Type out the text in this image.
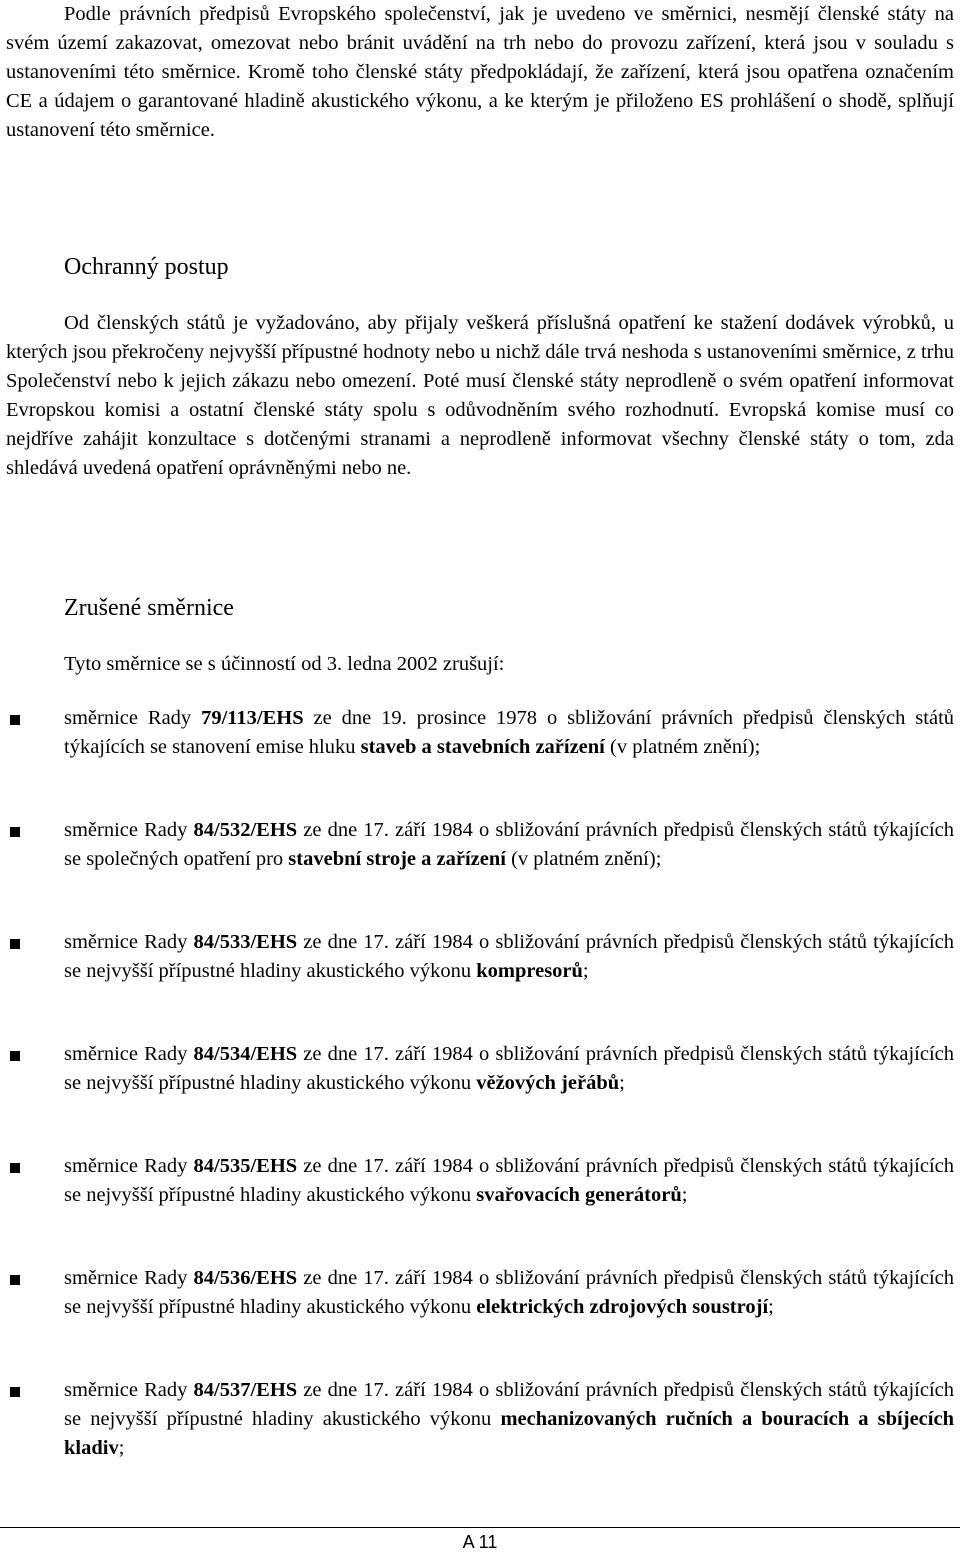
Podle právních předpisů Evropského společenství, jak je uvedeno ve směrnici, nesmějí členské státy na svém území zakazovat, omezovat nebo bránit uvádění na trh nebo do provozu zařízení, která jsou v souladu s ustanoveními této směrnice. Kromě toho členské státy předpokládají, že zařízení, která jsou opatřena označením CE a údajem o garantované hladině akustického výkonu, a ke kterým je přiloženo ES prohlášení o shodě, splňují ustanovení této směrnice.

Ochranný postup

Od členských států je vyžadováno, aby přijaly veškerá příslušná opatření ke stažení dodávek výrobků, u kterých jsou překročeny nejvyšší přípustné hodnoty nebo u nichž dále trvá neshoda s ustanoveními směrnice, z trhu Společenství nebo k jejich zákazu nebo omezení. Poté musí členské státy neprodleně o svém opatření informovat Evropskou komisi a ostatní členské státy spolu s odůvodněním svého rozhodnutí. Evropská komise musí co nejdříve zahájit konzultace s dotčenými stranami a neprodleně informovat všechny členské státy o tom, zda shledává uvedená opatření oprávněnými nebo ne.

Zrušené směrnice

Tyto směrnice se s účinností od 3. ledna 2002 zrušují:

směrnice Rady 79/113/EHS ze dne 19. prosince 1978 o sbližování právních předpisů členských států týkajících se stanovení emise hluku staveb a stavebních zařízení (v platném znění);

směrnice Rady 84/532/EHS ze dne 17. září 1984 o sbližování právních předpisů členských států týkajících se společných opatření pro stavební stroje a zařízení (v platném znění);

směrnice Rady 84/533/EHS ze dne 17. září 1984 o sbližování právních předpisů členských států týkajících se nejvyšší přípustné hladiny akustického výkonu kompresorů;

směrnice Rady 84/534/EHS ze dne 17. září 1984 o sbližování právních předpisů členských států týkajících se nejvyšší přípustné hladiny akustického výkonu věžových jeřábů;

směrnice Rady 84/535/EHS ze dne 17. září 1984 o sbližování právních předpisů členských států týkajících se nejvyšší přípustné hladiny akustického výkonu svařovacích generátorů;

směrnice Rady 84/536/EHS ze dne 17. září 1984 o sbližování právních předpisů členských států týkajících se nejvyšší přípustné hladiny akustického výkonu elektrických zdrojových soustrojí;

směrnice Rady 84/537/EHS ze dne 17. září 1984 o sbližování právních předpisů členských států týkajících se nejvyšší přípustné hladiny akustického výkonu mechanizovaných ručních a bouracích a sbíjecích kladiv;

A 11
